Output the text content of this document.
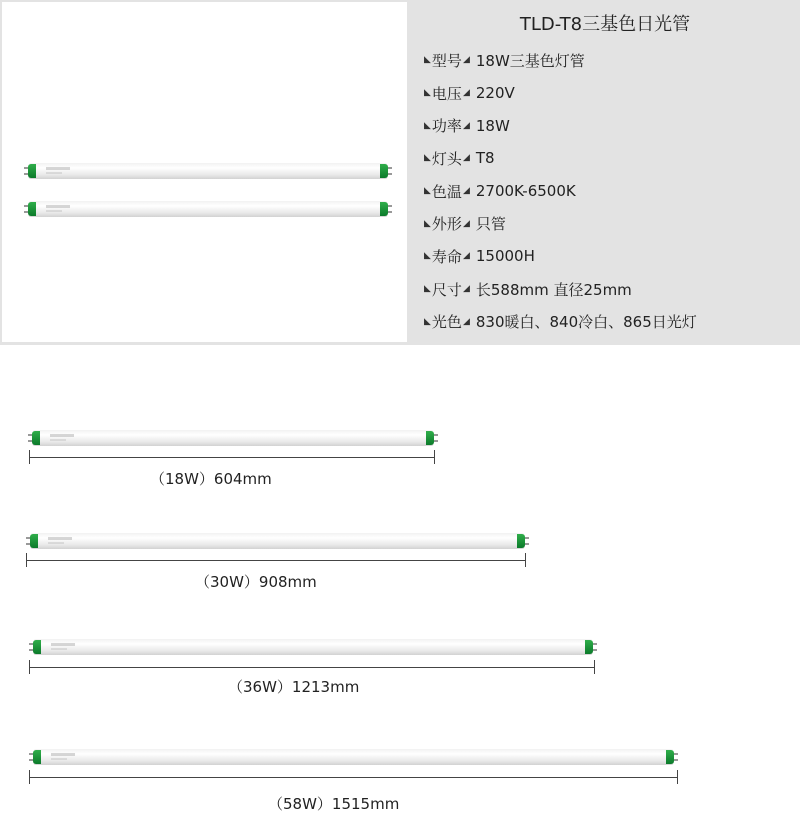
TLD-T8三基色日光管
◣ 型号 ◢ 18W三基色灯管
◣ 电压 ◢ 220V
◣ 功率 ◢ 18W
◣ 灯头 ◢ T8
◣ 色温 ◢ 2700K-6500K
◣ 外形 ◢ 只管
◣ 寿命 ◢ 15000H
◣ 尺寸 ◢ 长588mm 直径25mm
◣ 光色 ◢ 830暖白、840冷白、865日光灯
（18W）604mm
（30W）908mm
（36W）1213mm
（58W）1515mm
